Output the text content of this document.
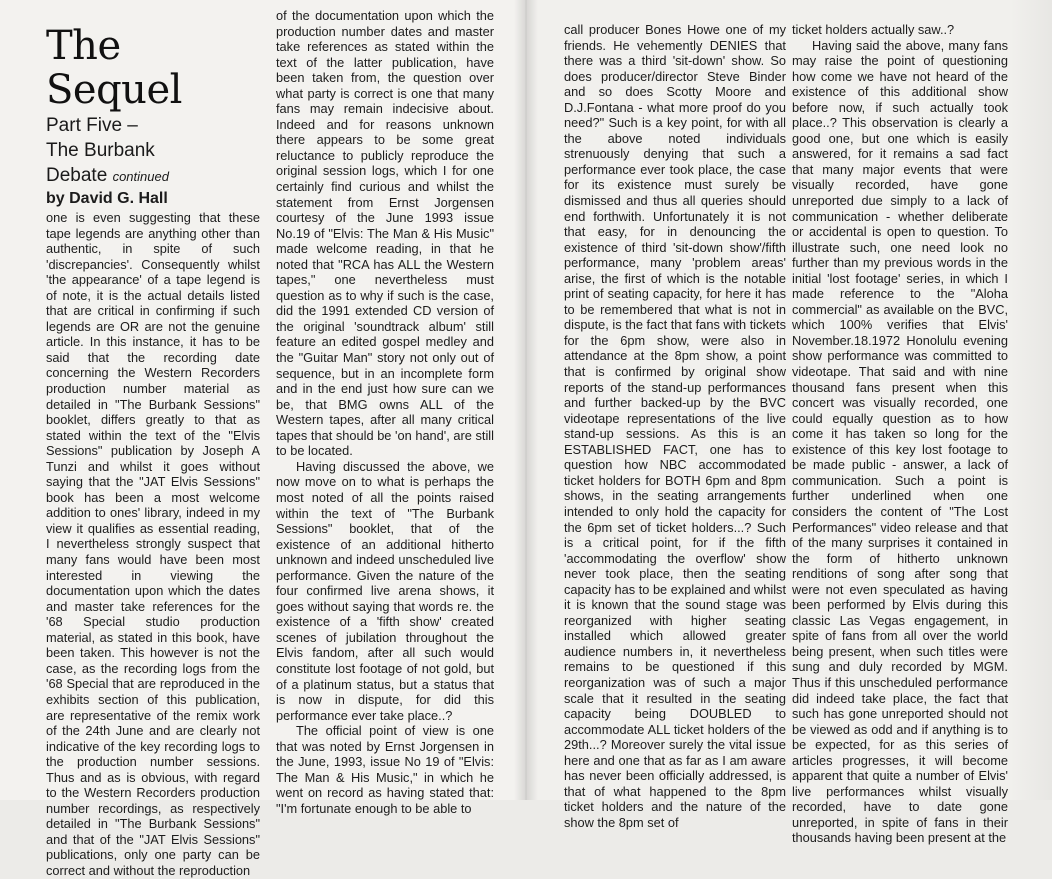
The Sequel
Part Five –
The Burbank
Debate continued
by David G. Hall

one is even suggesting that these tape legends are anything other than authentic, in spite of such 'discrepancies'. Consequently whilst 'the appearance' of a tape legend is of note, it is the actual details listed that are critical in confirming if such legends are OR are not the genuine article. In this instance, it has to be said that the recording date concerning the Western Recorders production number material as detailed in "The Burbank Sessions" booklet, differs greatly to that as stated within the text of the "Elvis Sessions" publication by Joseph A Tunzi and whilst it goes without saying that the "JAT Elvis Sessions" book has been a most welcome addition to ones' library, indeed in my view it qualifies as essential reading, I nevertheless strongly suspect that many fans would have been most interested in viewing the documentation upon which the dates and master take references for the '68 Special studio production material, as stated in this book, have been taken. This however is not the case, as the recording logs from the '68 Special that are reproduced in the exhibits section of this publication, are representative of the remix work of the 24th June and are clearly not indicative of the key recording logs to the production number sessions. Thus and as is obvious, with regard to the Western Recorders production number recordings, as respectively detailed in "The Burbank Sessions" and that of the "JAT Elvis Sessions" publications, only one party can be correct and without the reproduction

of the documentation upon which the production number dates and master take references as stated within the text of the latter publication, have been taken from, the question over what party is correct is one that many fans may remain indecisive about. Indeed and for reasons unknown there appears to be some great reluctance to publicly reproduce the original session logs, which I for one certainly find curious and whilst the statement from Ernst Jorgensen courtesy of the June 1993 issue No.19 of "Elvis: The Man & His Music" made welcome reading, in that he noted that "RCA has ALL the Western tapes," one nevertheless must question as to why if such is the case, did the 1991 extended CD version of the original 'soundtrack album' still feature an edited gospel medley and the "Guitar Man" story not only out of sequence, but in an incomplete form and in the end just how sure can we be, that BMG owns ALL of the Western tapes, after all many critical tapes that should be 'on hand', are still to be located.

Having discussed the above, we now move on to what is perhaps the most noted of all the points raised within the text of "The Burbank Sessions" booklet, that of the existence of an additional hitherto unknown and indeed unscheduled live performance. Given the nature of the four confirmed live arena shows, it goes without saying that words re. the existence of a 'fifth show' created scenes of jubilation throughout the Elvis fandom, after all such would constitute lost footage of not gold, but of a platinum status, but a status that is now in dispute, for did this performance ever take place..?

The official point of view is one that was noted by Ernst Jorgensen in the June, 1993, issue No 19 of "Elvis: The Man & His Music," in which he went on record as having stated that: "I'm fortunate enough to be able to

call producer Bones Howe one of my friends. He vehemently DENIES that there was a third 'sit-down' show. So does producer/director Steve Binder and so does Scotty Moore and D.J.Fontana - what more proof do you need?" Such is a key point, for with all the above noted individuals strenuously denying that such a performance ever took place, the case for its existence must surely be dismissed and thus all queries should end forthwith. Unfortunately it is not that easy, for in denouncing the existence of third 'sit-down show'/fifth performance, many 'problem areas' arise, the first of which is the notable print of seating capacity, for here it has to be remembered that what is not in dispute, is the fact that fans with tickets for the 6pm show, were also in attendance at the 8pm show, a point that is confirmed by original show reports of the stand-up performances and further backed-up by the BVC videotape representations of the live stand-up sessions. As this is an ESTABLISHED FACT, one has to question how NBC accommodated ticket holders for BOTH 6pm and 8pm shows, in the seating arrangements intended to only hold the capacity for the 6pm set of ticket holders...? Such is a critical point, for if the fifth 'accommodating the overflow' show never took place, then the seating capacity has to be explained and whilst it is known that the sound stage was reorganized with higher seating installed which allowed greater audience numbers in, it nevertheless remains to be questioned if this reorganization was of such a major scale that it resulted in the seating capacity being DOUBLED to accommodate ALL ticket holders of the 29th...? Moreover surely the vital issue here and one that as far as I am aware has never been officially addressed, is that of what happened to the 8pm ticket holders and the nature of the show the 8pm set of

ticket holders actually saw..?

Having said the above, many fans may raise the point of questioning how come we have not heard of the existence of this additional show before now, if such actually took place..? This observation is clearly a good one, but one which is easily answered, for it remains a sad fact that many major events that were visually recorded, have gone unreported due simply to a lack of communication - whether deliberate or accidental is open to question. To illustrate such, one need look no further than my previous words in the initial 'lost footage' series, in which I made reference to the "Aloha commercial" as available on the BVC, which 100% verifies that Elvis' November.18.1972 Honolulu evening show performance was committed to videotape. That said and with nine thousand fans present when this concert was visually recorded, one could equally question as to how come it has taken so long for the existence of this key lost footage to be made public - answer, a lack of communication. Such a point is further underlined when one considers the content of "The Lost Performances" video release and that of the many surprises it contained in the form of hitherto unknown renditions of song after song that were not even speculated as having been performed by Elvis during this classic Las Vegas engagement, in spite of fans from all over the world being present, when such titles were sung and duly recorded by MGM. Thus if this unscheduled performance did indeed take place, the fact that such has gone unreported should not be viewed as odd and if anything is to be expected, for as this series of articles progresses, it will become apparent that quite a number of Elvis' live performances whilst visually recorded, have to date gone unreported, in spite of fans in their thousands having been present at the
